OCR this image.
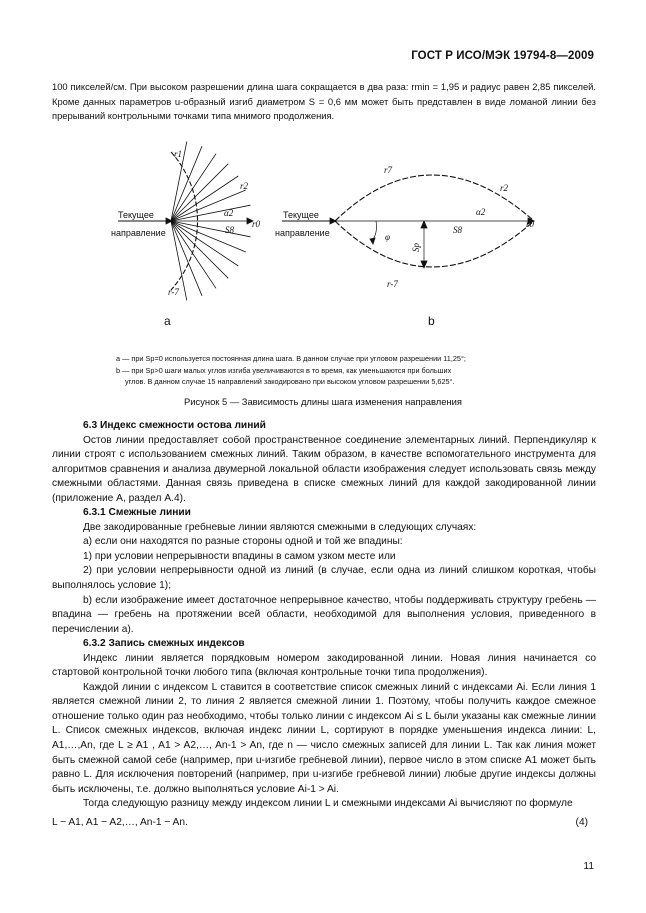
ГОСТ Р ИСО/МЭК 19794-8—2009
100 пикселей/см. При высоком разрешении длина шага сокращается в два раза: rmin = 1,95 и радиус равен 2,85 пикселей. Кроме данных параметров u-образный изгиб диаметром S = 0,6 мм может быть представлен в виде ломаной линии без прерываний контрольными точками типа мнимого продолжения.
r1
r2
α2
r0
S8
r-7
Текущее
направление
a
r7
r2
α2
r0
S8
φ
Sp
r-7
Текущее
направление
b
a — при Sp=0 используется постоянная длина шага. В данном случае при угловом разрешении 11,25°;
b — при Sp>0 шаги малых углов изгиба увеличиваются в то время, как уменьшаются при больших
углов. В данном случае 15 направлений закодировано при высоком угловом разрешении 5,625°.
Рисунок 5 — Зависимость длины шага изменения направления

6.3 Индекс смежности остова линий

Остов линии предоставляет собой пространственное соединение элементарных линий. Перпендикуляр к линии строят с использованием смежных линий. Таким образом, в качестве вспомогательного инструмента для алгоритмов сравнения и анализа двумерной локальной области изображения следует использовать связь между смежными областями. Данная связь приведена в списке смежных линий для каждой закодированной линии (приложение А, раздел А.4).

6.3.1 Смежные линии

Две закодированные гребневые линии являются смежными в следующих случаях:

а) если они находятся по разные стороны одной и той же впадины:

1) при условии непрерывности впадины в самом узком месте или

2) при условии непрерывности одной из линий (в случае, если одна из линий слишком короткая, чтобы выполнялось условие 1);

b) если изображение имеет достаточное непрерывное качество, чтобы поддерживать структуру гребень — впадина — гребень на протяжении всей области, необходимой для выполнения условия, приведенного в перечислении а).

6.3.2 Запись смежных индексов

Индекс линии является порядковым номером закодированной линии. Новая линия начинается со стартовой контрольной точки любого типа (включая контрольные точки типа продолжения).

Каждой линии с индексом L ставится в соответствие список смежных линий с индексами Ai. Если линия 1 является смежной линии 2, то линия 2 является смежной линии 1. Поэтому, чтобы получить каждое смежное отношение только один раз необходимо, чтобы только линии с индексом Ai ≤ L были указаны как смежные линии L. Список смежных индексов, включая индекс линии L, сортируют в порядке уменьшения индекса линии: L, A1,…,An, где L ≥ A1 , A1 > A2,…, An-1 > An, где n — число смежных записей для линии L. Так как линия может быть смежной самой себе (например, при u-изгибе гребневой линии), первое число в этом списке A1 может быть равно L. Для исключения повторений (например, при u-изгибе гребневой линии) любые другие индексы должны быть исключены, т.е. должно выполняться условие Ai-1 > Ai.

Тогда следующую разницу между индексом линии L и смежными индексами Ai вычисляют по формуле

L − A1, A1 − A2,…, An-1 − An.	(4)

11
